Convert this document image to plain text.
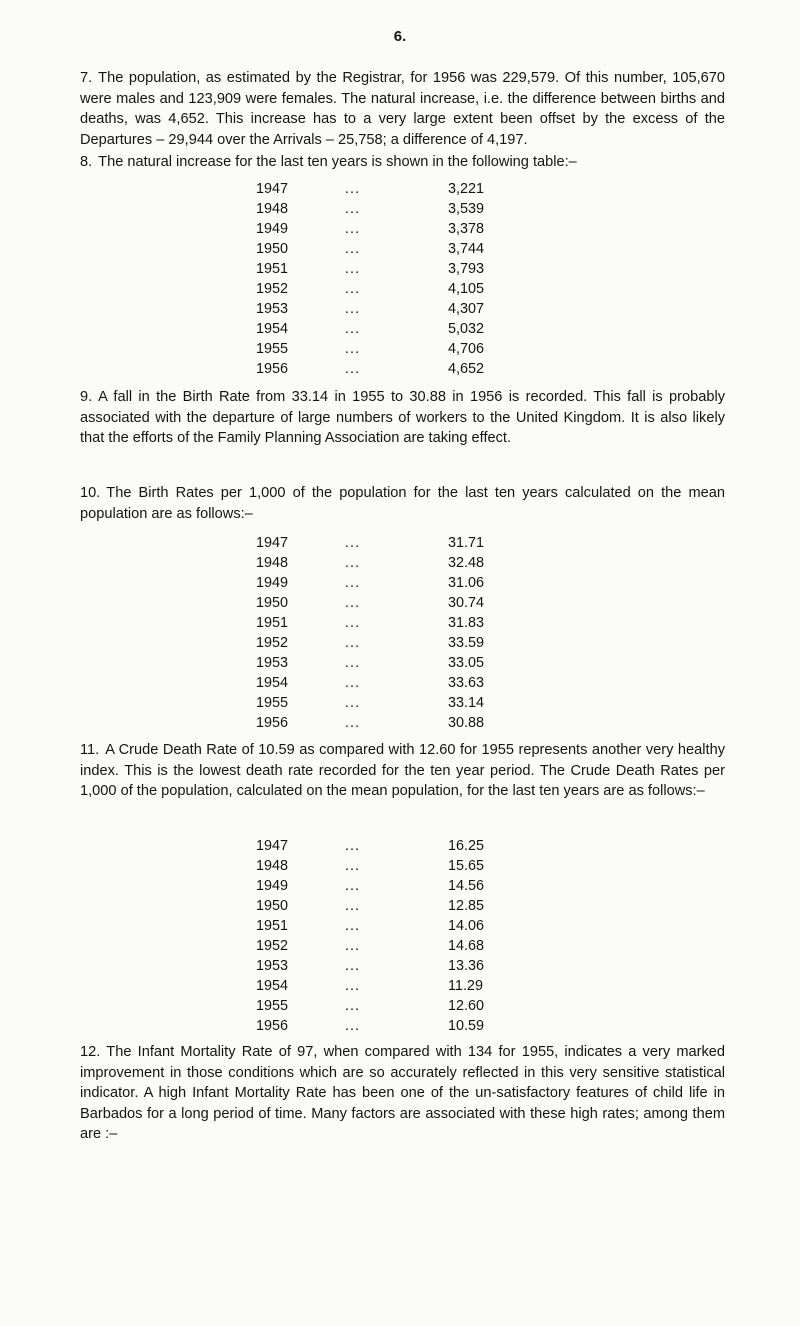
6.

7. The population, as estimated by the Registrar, for 1956 was 229,579. Of this number, 105,670 were males and 123,909 were females. The natural increase, i.e. the difference between births and deaths, was 4,652. This increase has to a very large extent been offset by the excess of the Departures – 29,944 over the Arrivals – 25,758; a difference of 4,197.

8. The natural increase for the last ten years is shown in the following table:–

1947	...	3,221
1948	...	3,539
1949	...	3,378
1950	...	3,744
1951	...	3,793
1952	...	4,105
1953	...	4,307
1954	...	5,032
1955	...	4,706
1956	...	4,652

9. A fall in the Birth Rate from 33.14 in 1955 to 30.88 in 1956 is recorded. This fall is probably associated with the departure of large numbers of workers to the United Kingdom. It is also likely that the efforts of the Family Planning Association are taking effect.

10. The Birth Rates per 1,000 of the population for the last ten years calculated on the mean population are as follows:–

1947	...	31.71
1948	...	32.48
1949	...	31.06
1950	...	30.74
1951	...	31.83
1952	...	33.59
1953	...	33.05
1954	...	33.63
1955	...	33.14
1956	...	30.88

11. A Crude Death Rate of 10.59 as compared with 12.60 for 1955 represents another very healthy index. This is the lowest death rate recorded for the ten year period. The Crude Death Rates per 1,000 of the population, calculated on the mean population, for the last ten years are as follows:–

1947	...	16.25
1948	...	15.65
1949	...	14.56
1950	...	12.85
1951	...	14.06
1952	...	14.68
1953	...	13.36
1954	...	11.29
1955	...	12.60
1956	...	10.59

12. The Infant Mortality Rate of 97, when compared with 134 for 1955, indicates a very marked improvement in those conditions which are so accurately reflected in this very sensitive statistical indicator. A high Infant Mortality Rate has been one of the un-satisfactory features of child life in Barbados for a long period of time. Many factors are associated with these high rates; among them are :–
